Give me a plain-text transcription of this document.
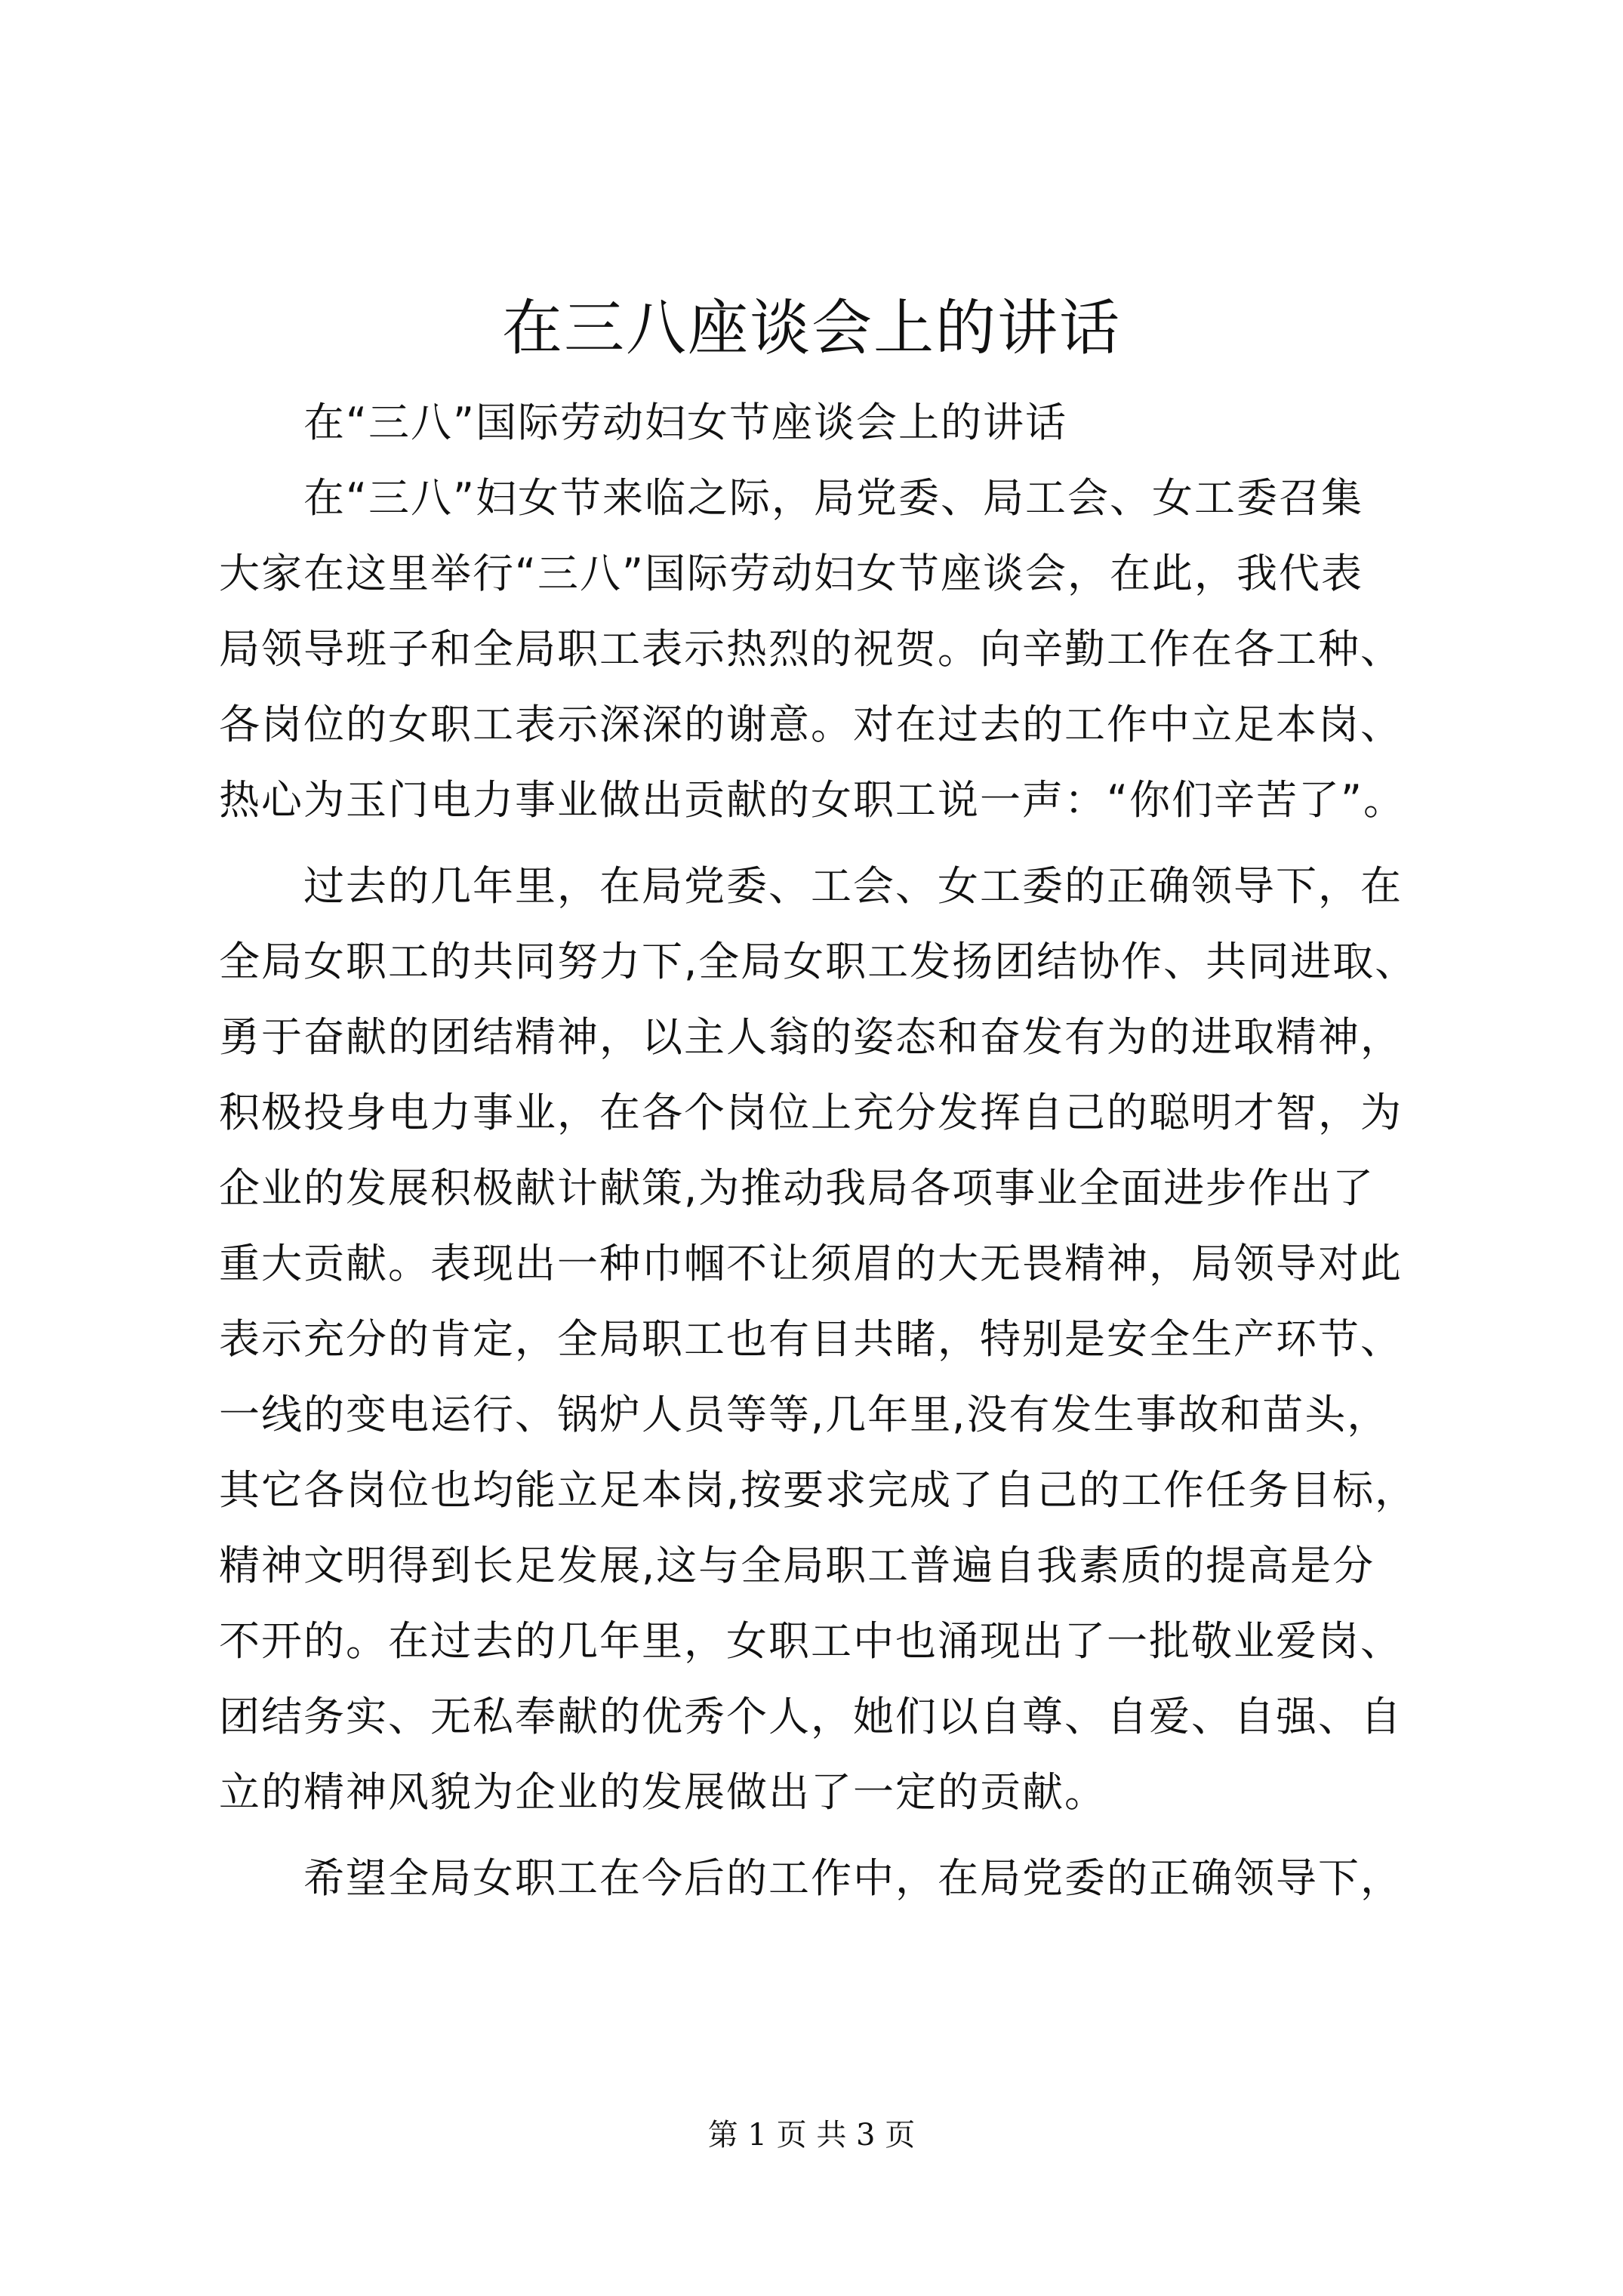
在三八座谈会上的讲话
在“三八”国际劳动妇女节座谈会上的讲话
在“三八”妇女节来临之际，局党委、局工会、女工委召集
大家在这里举行“三八”国际劳动妇女节座谈会，在此，我代表
局领导班子和全局职工表示热烈的祝贺。向辛勤工作在各工种、
各岗位的女职工表示深深的谢意。对在过去的工作中立足本岗、
热心为玉门电力事业做出贡献的女职工说一声：“你们辛苦了”。
过去的几年里，在局党委、工会、女工委的正确领导下，在
全局女职工的共同努力下,全局女职工发扬团结协作、共同进取、
勇于奋献的团结精神，以主人翁的姿态和奋发有为的进取精神，
积极投身电力事业，在各个岗位上充分发挥自己的聪明才智，为
企业的发展积极献计献策,为推动我局各项事业全面进步作出了
重大贡献。表现出一种巾帼不让须眉的大无畏精神，局领导对此
表示充分的肯定，全局职工也有目共睹，特别是安全生产环节、
一线的变电运行、锅炉人员等等,几年里,没有发生事故和苗头，
其它各岗位也均能立足本岗,按要求完成了自己的工作任务目标，
精神文明得到长足发展,这与全局职工普遍自我素质的提高是分
不开的。在过去的几年里，女职工中也涌现出了一批敬业爱岗、
团结务实、无私奉献的优秀个人，她们以自尊、自爱、自强、自
立的精神风貌为企业的发展做出了一定的贡献。
希望全局女职工在今后的工作中，在局党委的正确领导下，
第 1 页 共 3 页
